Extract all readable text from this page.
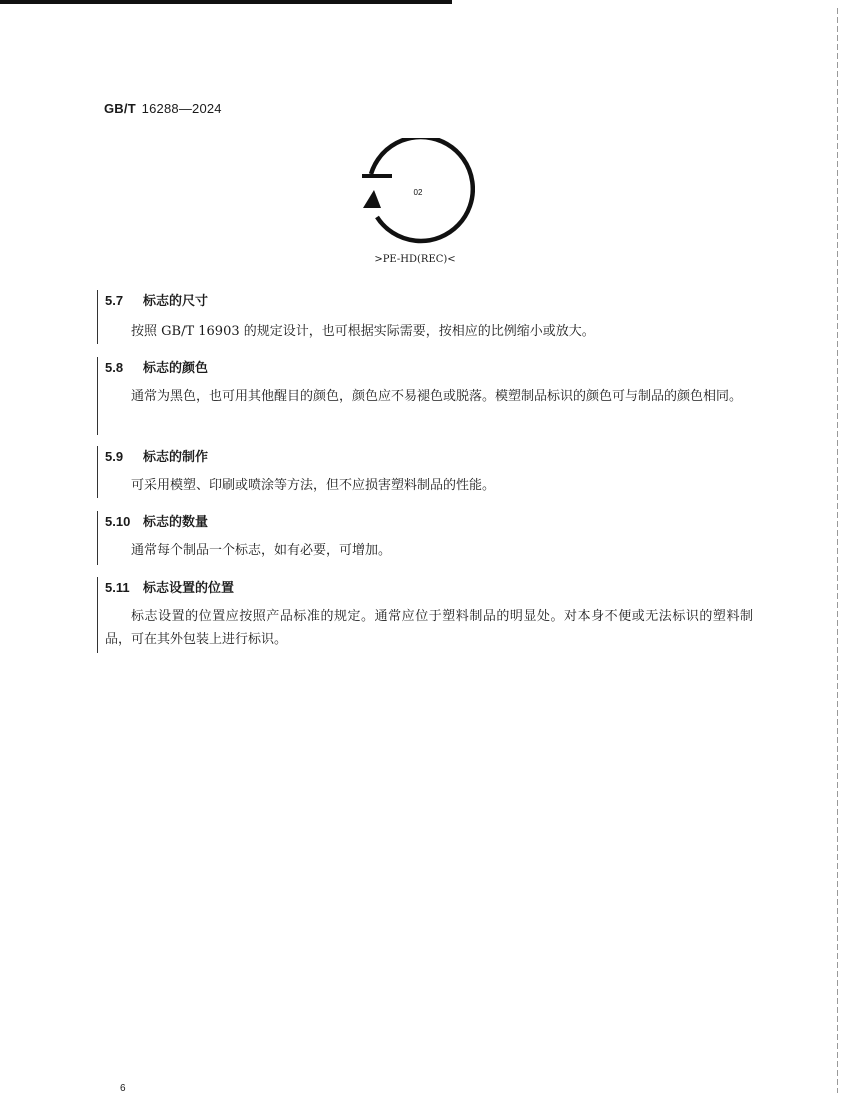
GB/T 16288—2024
02
>PE-HD(REC)<
5.7 标志的尺寸
按照 GB/T 16903 的规定设计，也可根据实际需要，按相应的比例缩小或放大。
5.8 标志的颜色
通常为黑色，也可用其他醒目的颜色，颜色应不易褪色或脱落。模塑制品标识的颜色可与制品的颜色相同。
5.9 标志的制作
可采用模塑、印刷或喷涂等方法，但不应损害塑料制品的性能。
5.10 标志的数量
通常每个制品一个标志，如有必要，可增加。
5.11 标志设置的位置
标志设置的位置应按照产品标准的规定。通常应位于塑料制品的明显处。对本身不便或无法标识的塑料制品，可在其外包装上进行标识。
6
